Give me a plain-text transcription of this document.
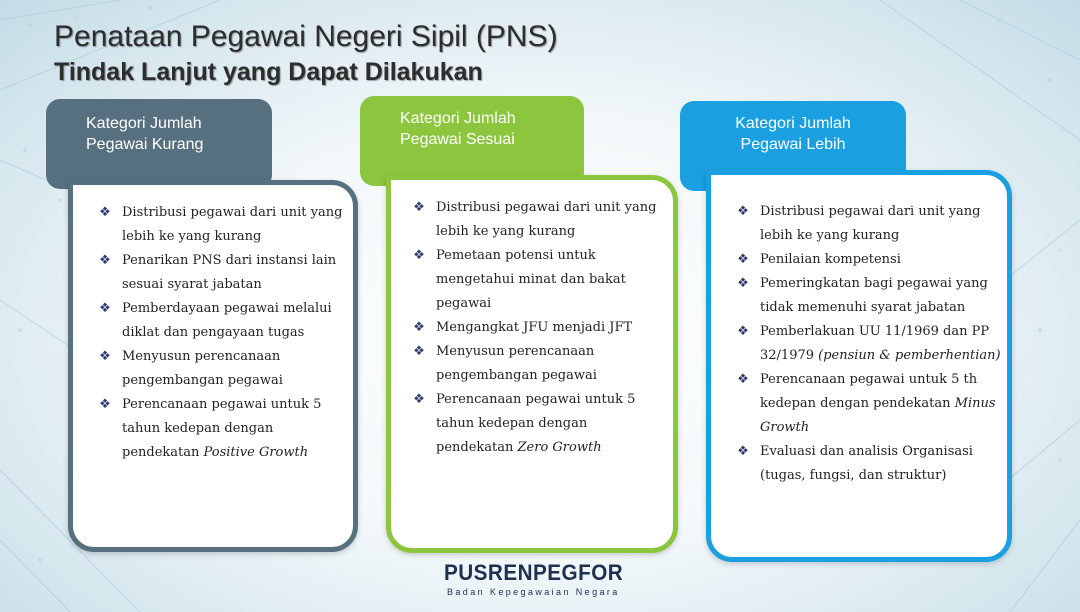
Penataan Pegawai Negeri Sipil (PNS)
Tindak Lanjut yang Dapat Dilakukan
Kategori Jumlah
Pegawai Kurang
❖ Distribusi pegawai dari unit yang lebih ke yang kurang
❖ Penarikan PNS dari instansi lain sesuai syarat jabatan
❖ Pemberdayaan pegawai melalui diklat dan pengayaan tugas
❖ Menyusun perencanaan pengembangan pegawai
❖ Perencanaan pegawai untuk 5 tahun kedepan dengan pendekatan Positive Growth
Kategori Jumlah
Pegawai Sesuai
❖ Distribusi pegawai dari unit yang lebih ke yang kurang
❖ Pemetaan potensi untuk mengetahui minat dan bakat pegawai
❖ Mengangkat JFU menjadi JFT
❖ Menyusun perencanaan pengembangan pegawai
❖ Perencanaan pegawai untuk 5 tahun kedepan dengan pendekatan Zero Growth
Kategori Jumlah
Pegawai Lebih
❖ Distribusi pegawai dari unit yang lebih ke yang kurang
❖ Penilaian kompetensi
❖ Pemeringkatan bagi pegawai yang tidak memenuhi syarat jabatan
❖ Pemberlakuan UU 11/1969 dan PP 32/1979 (pensiun & pemberhentian)
❖ Perencanaan pegawai untuk 5 th kedepan dengan pendekatan Minus Growth
❖ Evaluasi dan analisis Organisasi (tugas, fungsi, dan struktur)
PUSRENPEGFOR
Badan Kepegawaian Negara
